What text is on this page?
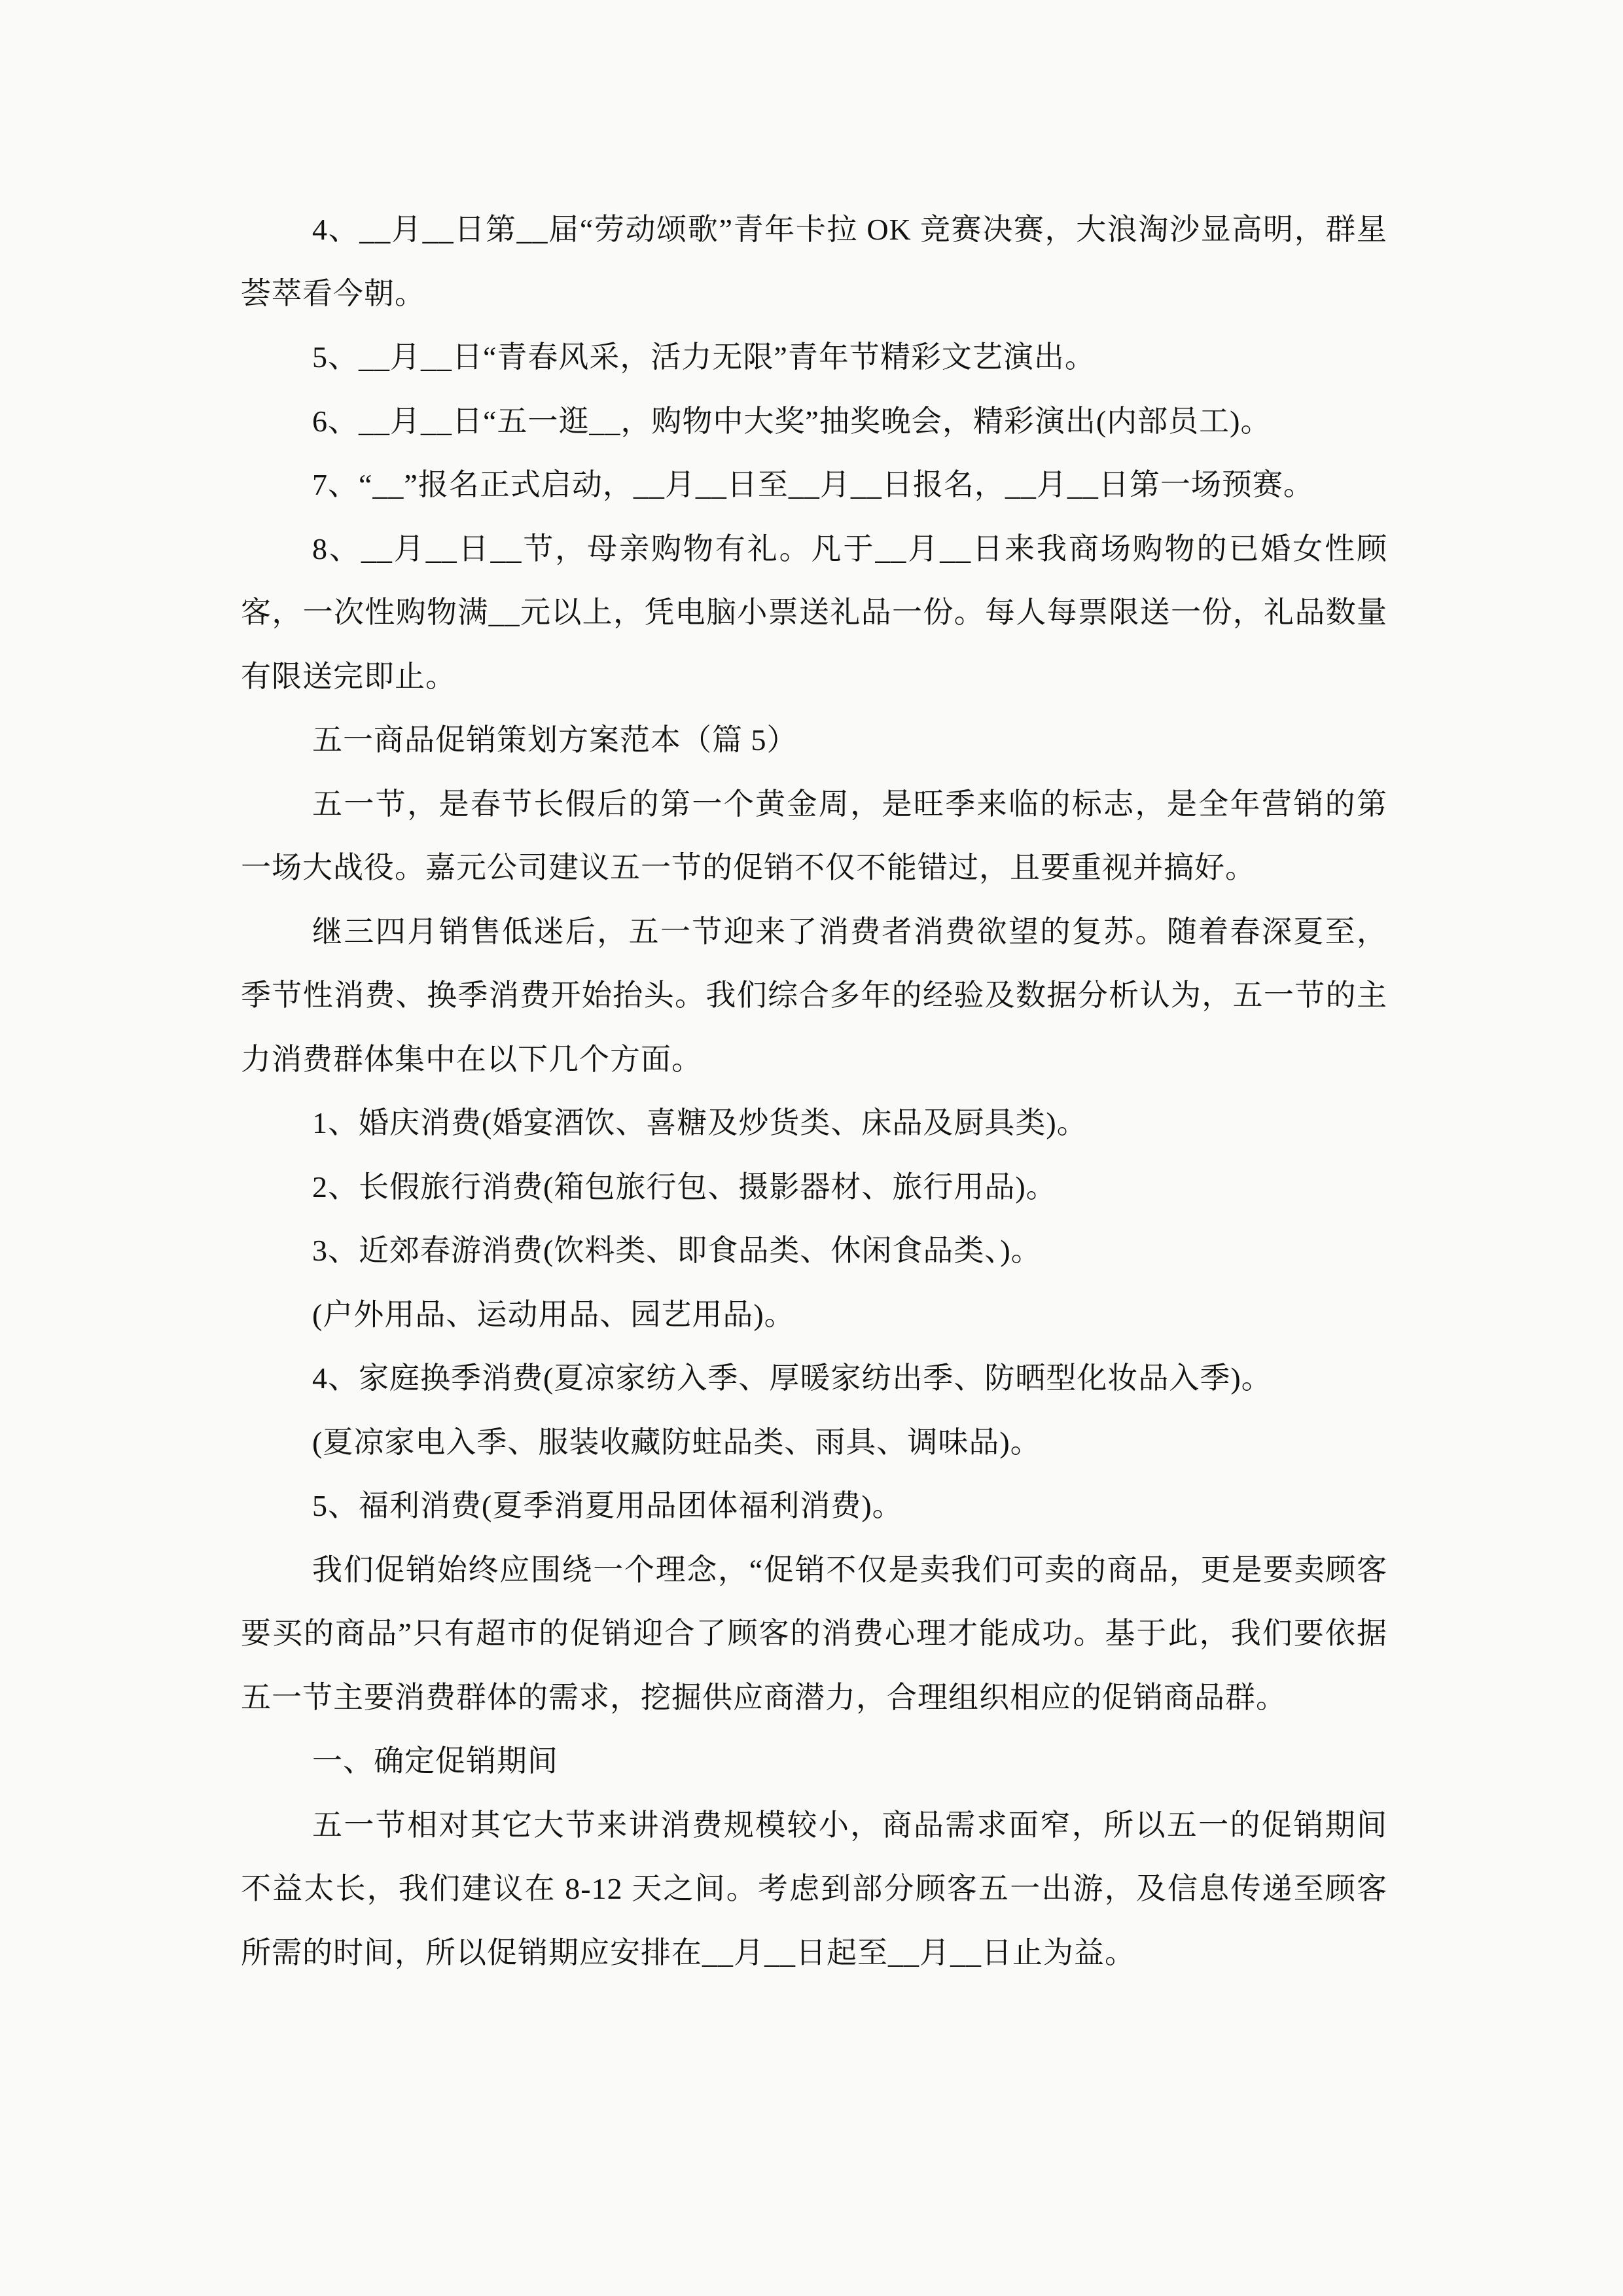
4、__月__日第__届“劳动颂歌”青年卡拉 OK 竞赛决赛，大浪淘沙显高明，群星荟萃看今朝。

5、__月__日“青春风采，活力无限”青年节精彩文艺演出。

6、__月__日“五一逛__，购物中大奖”抽奖晚会，精彩演出(内部员工)。

7、“__”报名正式启动，__月__日至__月__日报名，__月__日第一场预赛。

8、__月__日__节，母亲购物有礼。凡于__月__日来我商场购物的已婚女性顾客，一次性购物满__元以上，凭电脑小票送礼品一份。每人每票限送一份，礼品数量有限送完即止。

五一商品促销策划方案范本（篇 5）

五一节，是春节长假后的第一个黄金周，是旺季来临的标志，是全年营销的第一场大战役。嘉元公司建议五一节的促销不仅不能错过，且要重视并搞好。

继三四月销售低迷后，五一节迎来了消费者消费欲望的复苏。随着春深夏至，季节性消费、换季消费开始抬头。我们综合多年的经验及数据分析认为，五一节的主力消费群体集中在以下几个方面。

1、婚庆消费(婚宴酒饮、喜糖及炒货类、床品及厨具类)。

2、长假旅行消费(箱包旅行包、摄影器材、旅行用品)。

3、近郊春游消费(饮料类、即食品类、休闲食品类、)。

(户外用品、运动用品、园艺用品)。

4、家庭换季消费(夏凉家纺入季、厚暖家纺出季、防晒型化妆品入季)。

(夏凉家电入季、服装收藏防蛀品类、雨具、调味品)。

5、福利消费(夏季消夏用品团体福利消费)。

我们促销始终应围绕一个理念，“促销不仅是卖我们可卖的商品，更是要卖顾客要买的商品”只有超市的促销迎合了顾客的消费心理才能成功。基于此，我们要依据五一节主要消费群体的需求，挖掘供应商潜力，合理组织相应的促销商品群。

一、确定促销期间

五一节相对其它大节来讲消费规模较小，商品需求面窄，所以五一的促销期间不益太长，我们建议在 8-12 天之间。考虑到部分顾客五一出游，及信息传递至顾客所需的时间，所以促销期应安排在__月__日起至__月__日止为益。
